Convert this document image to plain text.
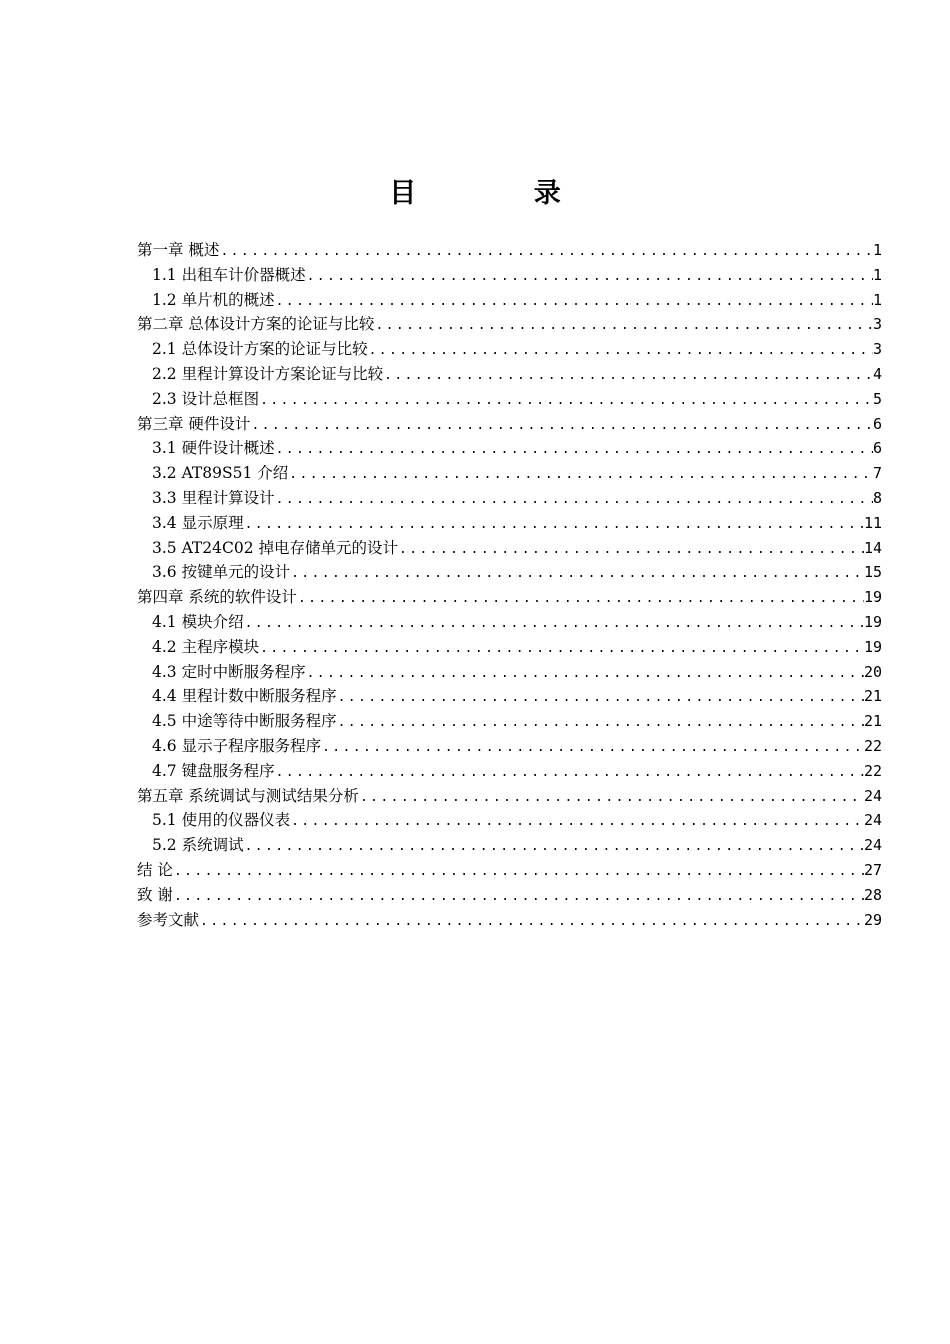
目 录
第一章 概述 .....	1
1.1 出租车计价器概述 .....	1
1.2 单片机的概述 .....	1
第二章 总体设计方案的论证与比较 .....	3
2.1 总体设计方案的论证与比较 .....	3
2.2 里程计算设计方案论证与比较 .....	4
2.3 设计总框图 .....	5
第三章 硬件设计 .....	6
3.1 硬件设计概述 .....	6
3.2 AT89S51 介绍 .....	7
3.3 里程计算设计 .....	8
3.4 显示原理 .....	11
3.5 AT24C02 掉电存储单元的设计 .....	14
3.6 按键单元的设计 .....	15
第四章 系统的软件设计 .....	19
4.1 模块介绍 .....	19
4.2 主程序模块 .....	19
4.3 定时中断服务程序 .....	20
4.4 里程计数中断服务程序 .....	21
4.5 中途等待中断服务程序 .....	21
4.6 显示子程序服务程序 .....	22
4.7 键盘服务程序 .....	22
第五章 系统调试与测试结果分析 .....	24
5.1 使用的仪器仪表 .....	24
5.2 系统调试 .....	24
结 论 .....	27
致 谢 .....	28
参考文献 .....	29
